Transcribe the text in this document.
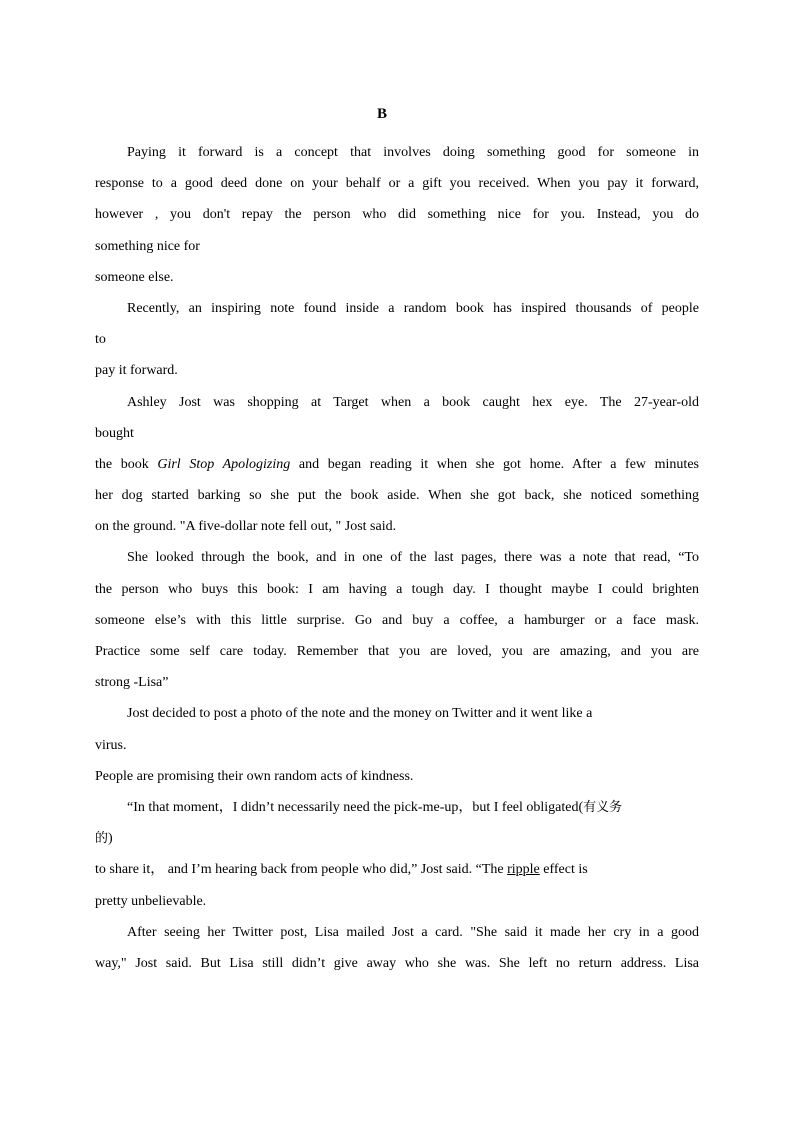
B
Paying it forward is a concept that involves doing something good for someone in
response to a good deed done on your behalf or a gift you received. When you pay it forward,
however , you don't repay the person who did something nice for you. Instead, you do
something nice for
someone else.
Recently, an inspiring note found inside a random book has inspired thousands of people
to
pay it forward.
Ashley Jost was shopping at Target when a book caught hex eye. The 27-year-old
bought
the book Girl Stop Apologizing and began reading it when she got home. After a few minutes
her dog started barking so she put the book aside. When she got back, she noticed something
on the ground. "A five-dollar note fell out, " Jost said.
She looked through the book, and in one of the last pages, there was a note that read, “To
the person who buys this book: I am having a tough day. I thought maybe I could brighten
someone else’s with this little surprise. Go and buy a coffee, a hamburger or a face mask.
Practice some self care today. Remember that you are loved, you are amazing, and you are
strong -Lisa”
Jost decided to post a photo of the note and the money on Twitter and it went like a
virus.
People are promising their own random acts of kindness.
“In that moment，I didn’t necessarily need the pick-me-up，but I feel obligated(有义务
的)
to share it， and I’m hearing back from people who did,” Jost said. “The ripple effect is
pretty unbelievable.
After seeing her Twitter post, Lisa mailed Jost a card. "She said it made her cry in a good
way," Jost said. But Lisa still didn’t give away who she was. She left no return address. Lisa
